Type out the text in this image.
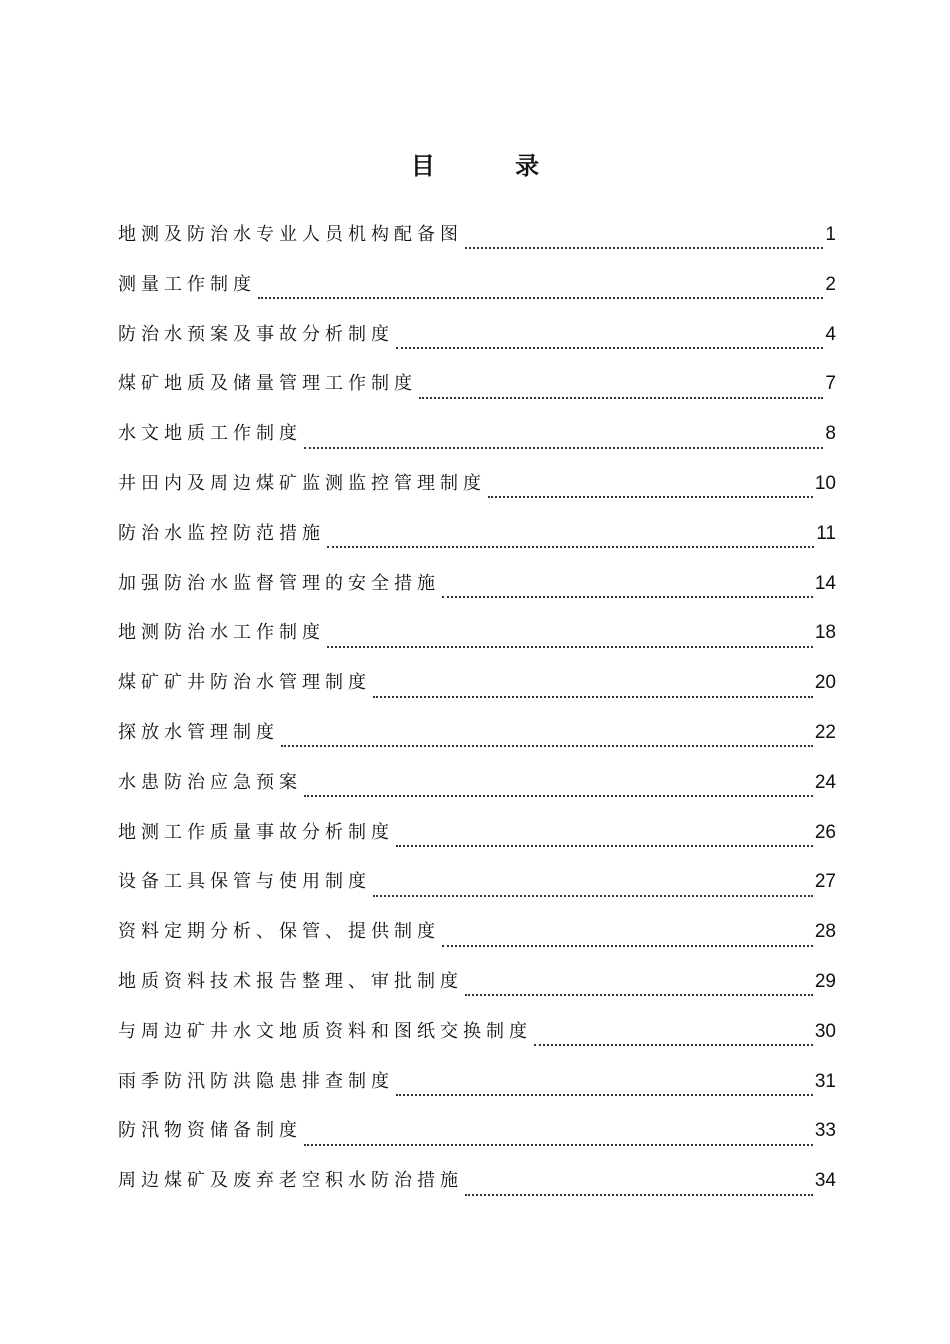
目 录
地测及防治水专业人员机构配备图	1
测量工作制度	2
防治水预案及事故分析制度	4
煤矿地质及储量管理工作制度	7
水文地质工作制度	8
井田内及周边煤矿监测监控管理制度	10
防治水监控防范措施	11
加强防治水监督管理的安全措施	14
地测防治水工作制度	18
煤矿矿井防治水管理制度	20
探放水管理制度	22
水患防治应急预案	24
地测工作质量事故分析制度	26
设备工具保管与使用制度	27
资料定期分析、保管、提供制度	28
地质资料技术报告整理、审批制度	29
与周边矿井水文地质资料和图纸交换制度	30
雨季防汛防洪隐患排查制度	31
防汛物资储备制度	33
周边煤矿及废弃老空积水防治措施	34
